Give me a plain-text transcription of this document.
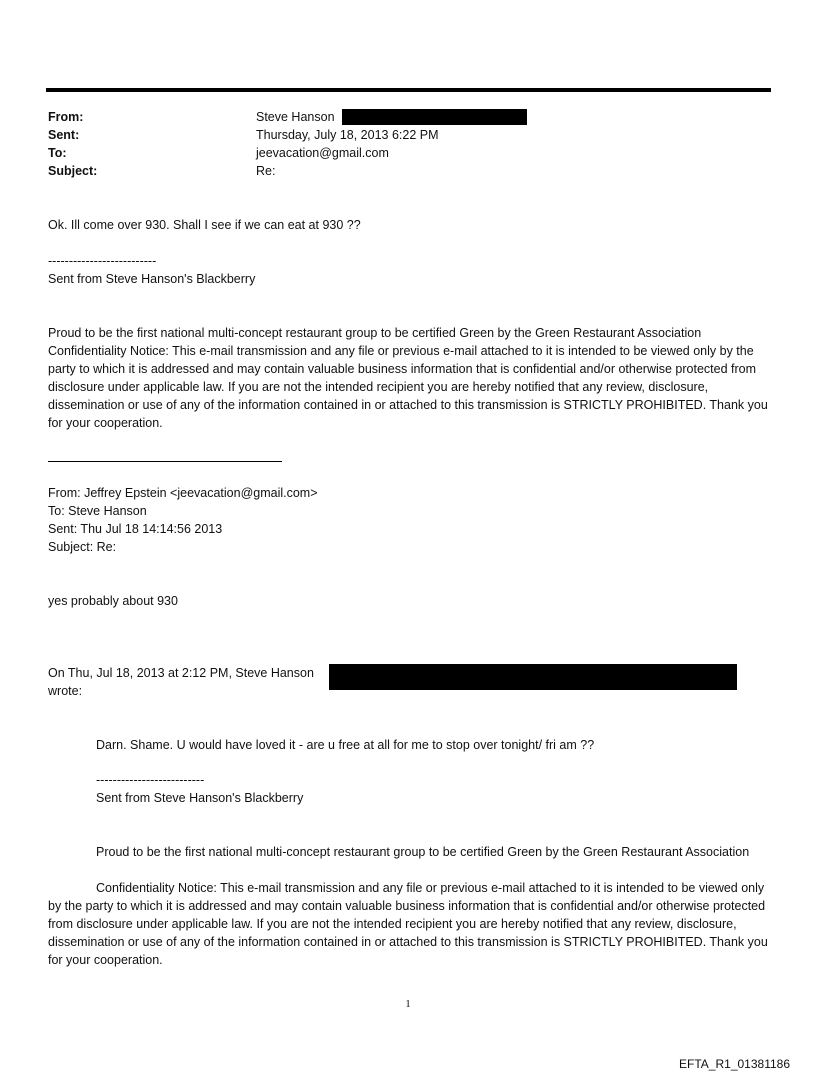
From:	Steve Hanson
Sent:	Thursday, July 18, 2013 6:22 PM
To:	jeevacation@gmail.com
Subject:	Re:

Ok. Ill come over 930. Shall I see if we can eat at 930 ??

--------------------------

Sent from Steve Hanson's Blackberry

Proud to be the first national multi-concept restaurant group to be certified Green by the Green Restaurant Association

Confidentiality Notice: This e-mail transmission and any file or previous e-mail attached to it is intended to be viewed only by the party to which it is addressed and may contain valuable business information that is confidential and/or otherwise protected from disclosure under applicable law. If you are not the intended recipient you are hereby notified that any review, disclosure, dissemination or use of any of the information contained in or attached to this transmission is STRICTLY PROHIBITED. Thank you for your cooperation.

From: Jeffrey Epstein <jeevacation@gmail.com>

To: Steve Hanson

Sent: Thu Jul 18 14:14:56 2013

Subject: Re:

yes probably about 930

On Thu, Jul 18, 2013 at 2:12 PM, Steve Hanson

wrote:

Darn. Shame. U would have loved it - are u free at all for me to stop over tonight/ fri am ??

--------------------------

Sent from Steve Hanson's Blackberry

Proud to be the first national multi-concept restaurant group to be certified Green by the Green Restaurant Association

Confidentiality Notice: This e-mail transmission and any file or previous e-mail attached to it is intended to be viewed only by the party to which it is addressed and may contain valuable business information that is confidential and/or otherwise protected from disclosure under applicable law. If you are not the intended recipient you are hereby notified that any review, disclosure, dissemination or use of any of the information contained in or attached to this transmission is STRICTLY PROHIBITED. Thank you for your cooperation.

1
EFTA_R1_01381186
